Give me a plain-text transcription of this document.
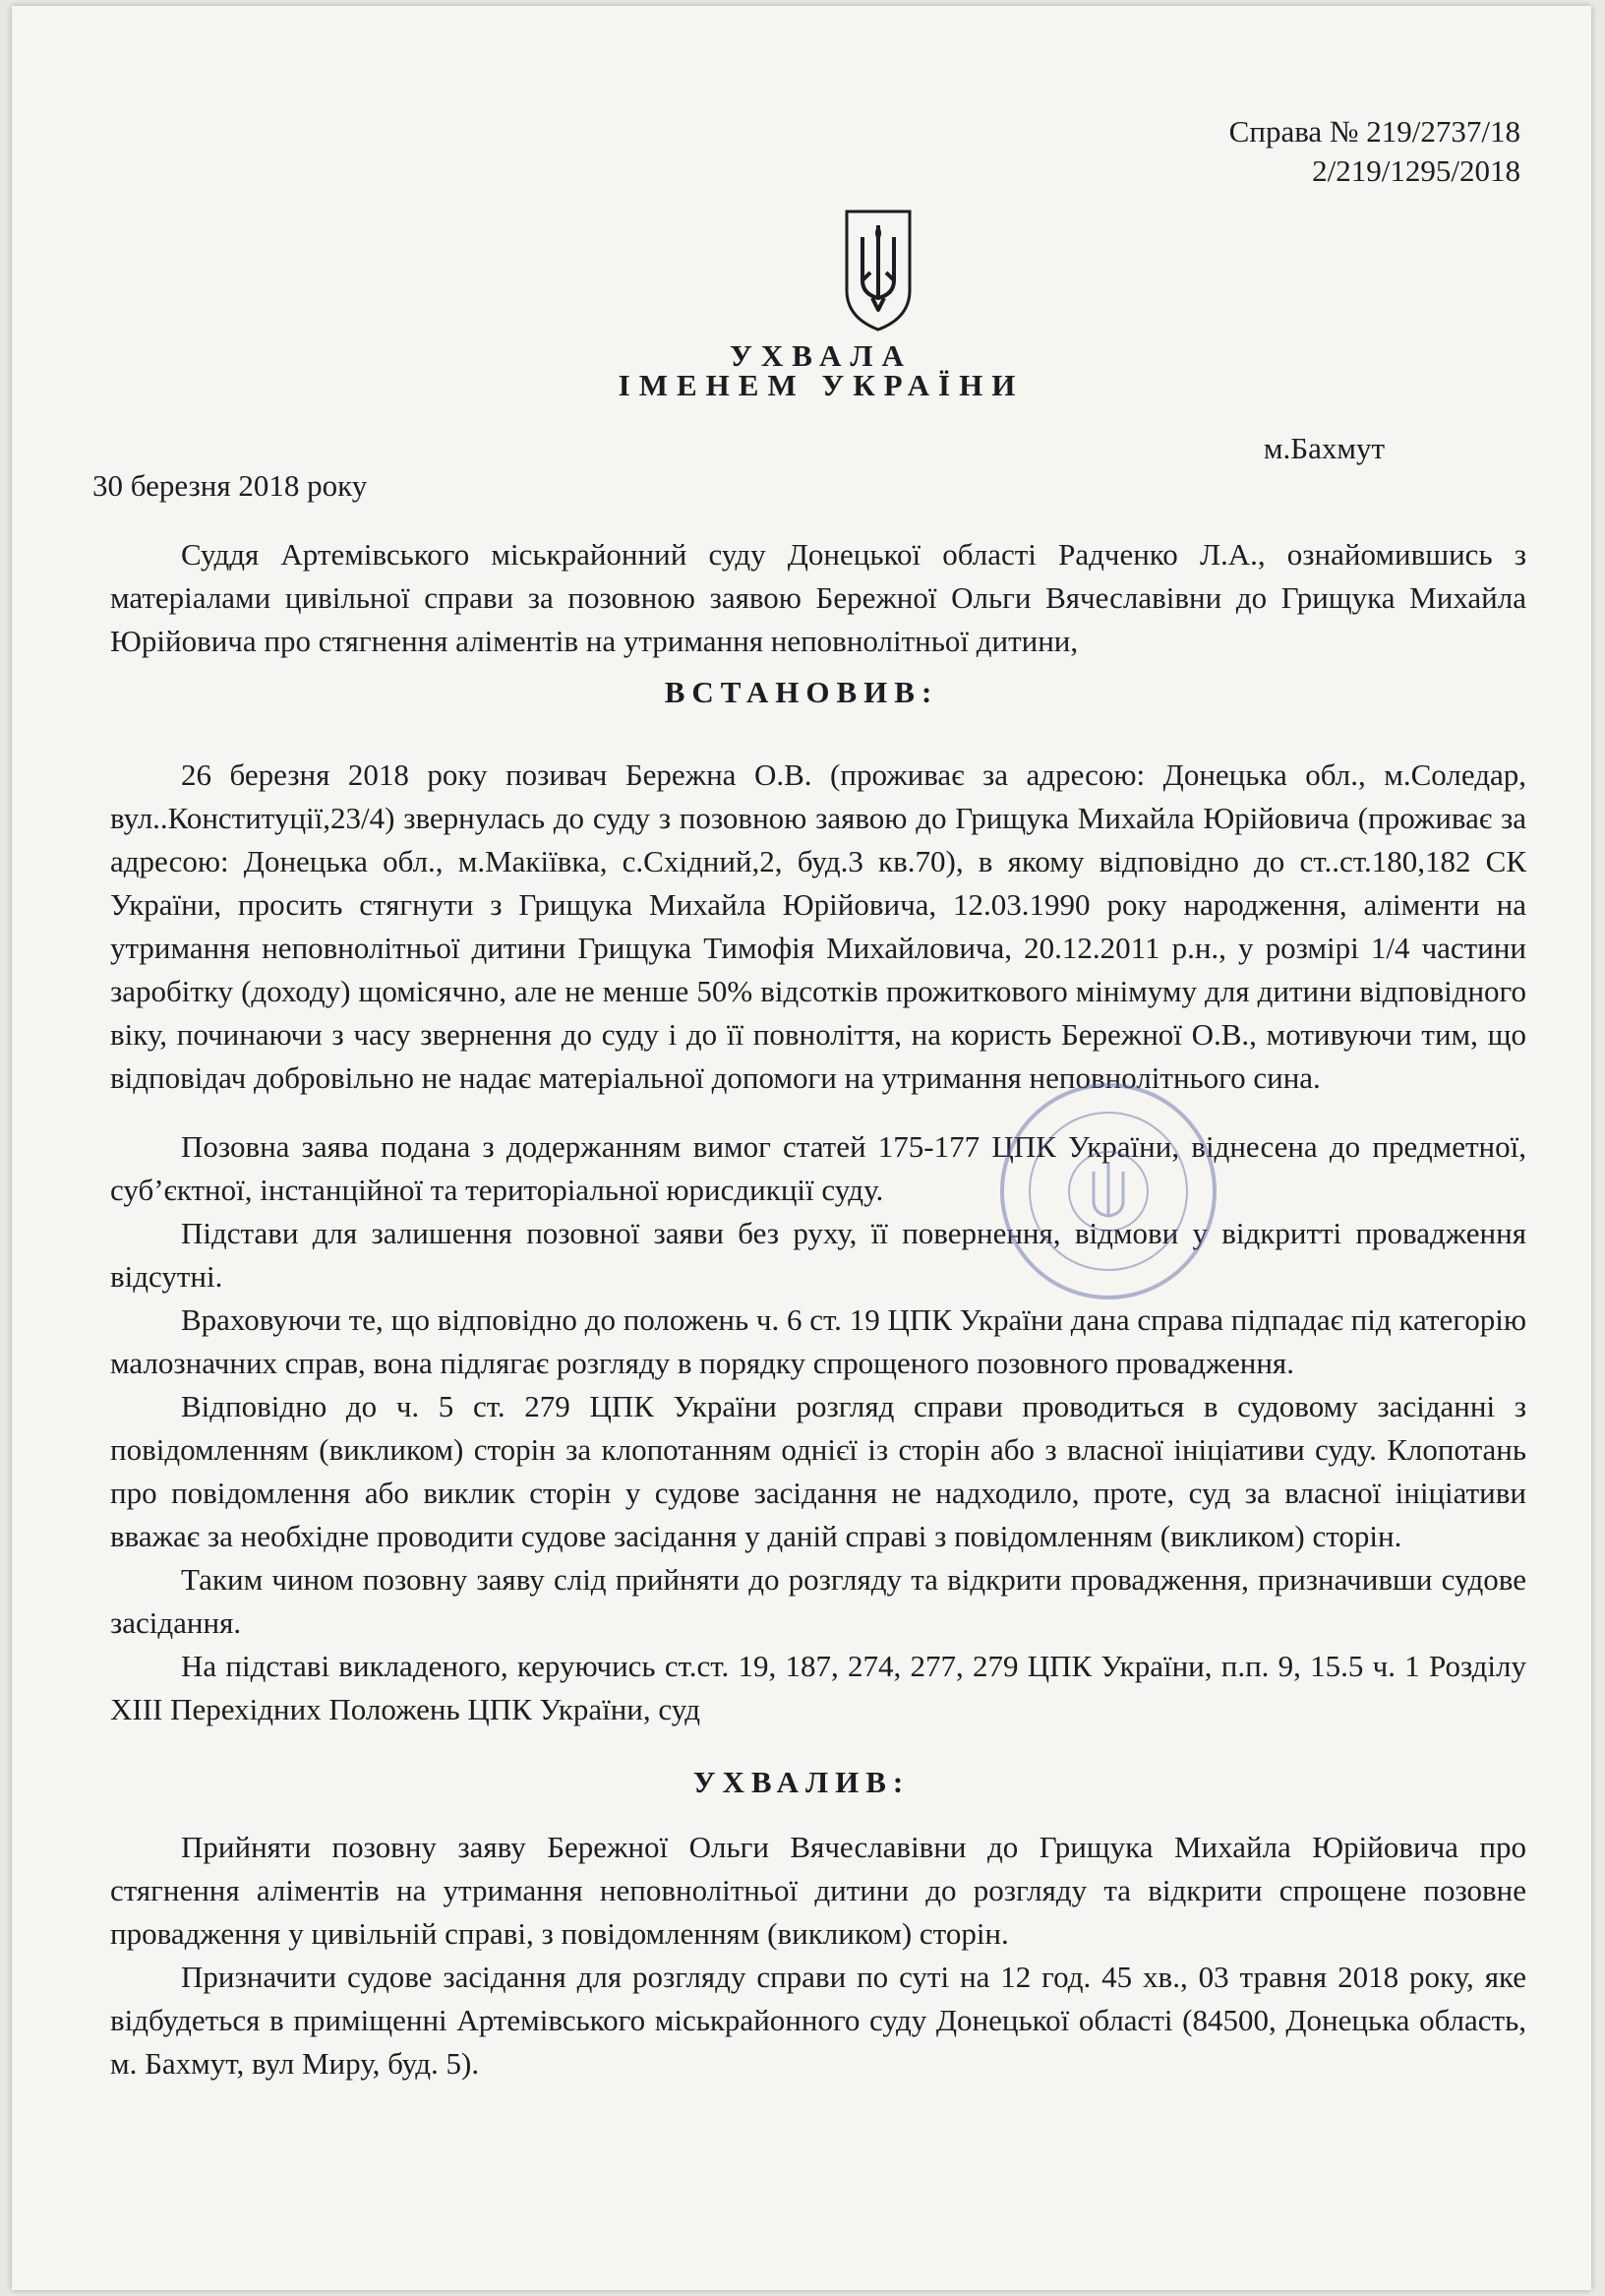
Справа № 219/2737/18
2/219/1295/2018
УХВАЛА
ІМЕНЕМ УКРАЇНИ
м.Бахмут
30 березня 2018 року

Суддя Артемівського міськрайонний суду Донецької області Радченко Л.А., ознайомившись з матеріалами цивільної справи за позовною заявою Бережної Ольги Вячеславівни до Грищука Михайла Юрійовича про стягнення аліментів на утримання неповнолітньої дитини,

ВСТАНОВИВ:

26 березня 2018 року позивач Бережна О.В. (проживає за адресою: Донецька обл., м.Соледар, вул..Конституції,23/4) звернулась до суду з позовною заявою до Грищука Михайла Юрійовича (проживає за адресою: Донецька обл., м.Макіївка, с.Східний,2, буд.3 кв.70), в якому відповідно до ст..ст.180,182 СК України, просить стягнути з Грищука Михайла Юрійовича, 12.03.1990 року народження, аліменти на утримання неповнолітньої дитини Грищука Тимофія Михайловича, 20.12.2011 р.н., у розмірі 1/4 частини заробітку (доходу) щомісячно, але не менше 50% відсотків прожиткового мінімуму для дитини відповідного віку, починаючи з часу звернення до суду і до її повноліття, на користь Бережної О.В., мотивуючи тим, що відповідач добровільно не надає матеріальної допомоги на утримання неповнолітнього сина.

Позовна заява подана з додержанням вимог статей 175-177 ЦПК України, віднесена до предметної, суб’єктної, інстанційної та територіальної юрисдикції суду.

Підстави для залишення позовної заяви без руху, її повернення, відмови у відкритті провадження відсутні.

Враховуючи те, що відповідно до положень ч. 6 ст. 19 ЦПК України дана справа підпадає під категорію малозначних справ, вона підлягає розгляду в порядку спрощеного позовного провадження.

Відповідно до ч. 5 ст. 279 ЦПК України розгляд справи проводиться в судовому засіданні з повідомленням (викликом) сторін за клопотанням однієї із сторін або з власної ініціативи суду. Клопотань про повідомлення або виклик сторін у судове засідання не надходило, проте, суд за власної ініціативи вважає за необхідне проводити судове засідання у даній справі з повідомленням (викликом) сторін.

Таким чином позовну заяву слід прийняти до розгляду та відкрити провадження, призначивши судове засідання.

На підставі викладеного, керуючись ст.ст. 19, 187, 274, 277, 279 ЦПК України, п.п. 9, 15.5 ч. 1 Розділу XIII Перехідних Положень ЦПК України, суд

УХВАЛИВ:

Прийняти позовну заяву Бережної Ольги Вячеславівни до Грищука Михайла Юрійовича про стягнення аліментів на утримання неповнолітньої дитини до розгляду та відкрити спрощене позовне провадження у цивільній справі, з повідомленням (викликом) сторін.

Призначити судове засідання для розгляду справи по суті на 12 год. 45 хв., 03 травня 2018 року, яке відбудеться в приміщенні Артемівського міськрайонного суду Донецької області (84500, Донецька область, м. Бахмут, вул Миру, буд. 5).
